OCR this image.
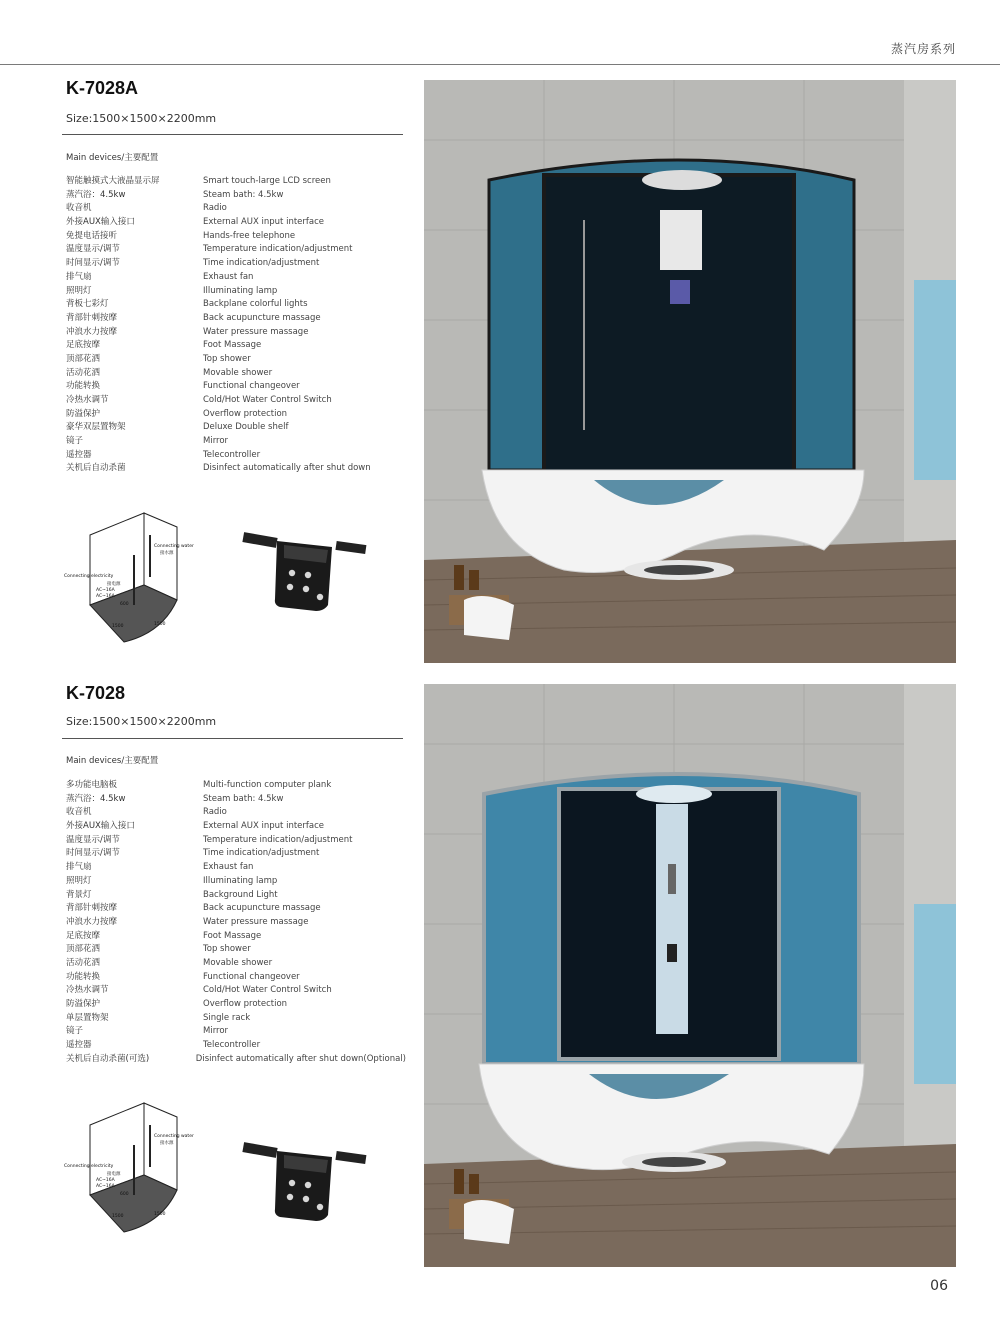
蒸汽房系列
K-7028A
Size:1500×1500×2200mm
Main devices/主要配置
智能触摸式大液晶显示屏	Smart touch-large LCD screen
蒸汽浴：4.5kw	Steam bath: 4.5kw
收音机	Radio
外接AUX输入接口	External AUX input interface
免提电话接听	Hands-free telephone
温度显示/调节	Temperature indication/adjustment
时间显示/调节	Time indication/adjustment
排气扇	Exhaust fan
照明灯	Illuminating lamp
背板七彩灯	Backplane colorful lights
背部针刺按摩	Back acupuncture massage
冲浪水力按摩	Water pressure massage
足底按摩	Foot Massage
顶部花洒	Top shower
活动花洒	Movable shower
功能转换	Functional changeover
冷热水调节	Cold/Hot Water Control Switch
防溢保护	Overflow protection
豪华双层置物架	Deluxe Double shelf
镜子	Mirror
遥控器	Telecontroller
关机后自动杀菌	Disinfect automatically after shut down
Connecting water
接水源
Connecting electricity
接电源
AC~16A
AC~16A
1500	1500
600
K-7028
Size:1500×1500×2200mm
Main devices/主要配置
多功能电脑板	Multi-function computer plank
蒸汽浴：4.5kw	Steam bath: 4.5kw
收音机	Radio
外接AUX输入接口	External AUX input interface
温度显示/调节	Temperature indication/adjustment
时间显示/调节	Time indication/adjustment
排气扇	Exhaust fan
照明灯	Illuminating lamp
背景灯	Background Light
背部针刺按摩	Back acupuncture massage
冲浪水力按摩	Water pressure massage
足底按摩	Foot Massage
顶部花洒	Top shower
活动花洒	Movable shower
功能转换	Functional changeover
冷热水调节	Cold/Hot Water Control Switch
防溢保护	Overflow protection
单层置物架	Single rack
镜子	Mirror
遥控器	Telecontroller
关机后自动杀菌(可选)	Disinfect automatically after shut down(Optional)
Connecting water
接水源
Connecting electricity
接电源
AC~16A
AC~16A
1500	1500
600
06
